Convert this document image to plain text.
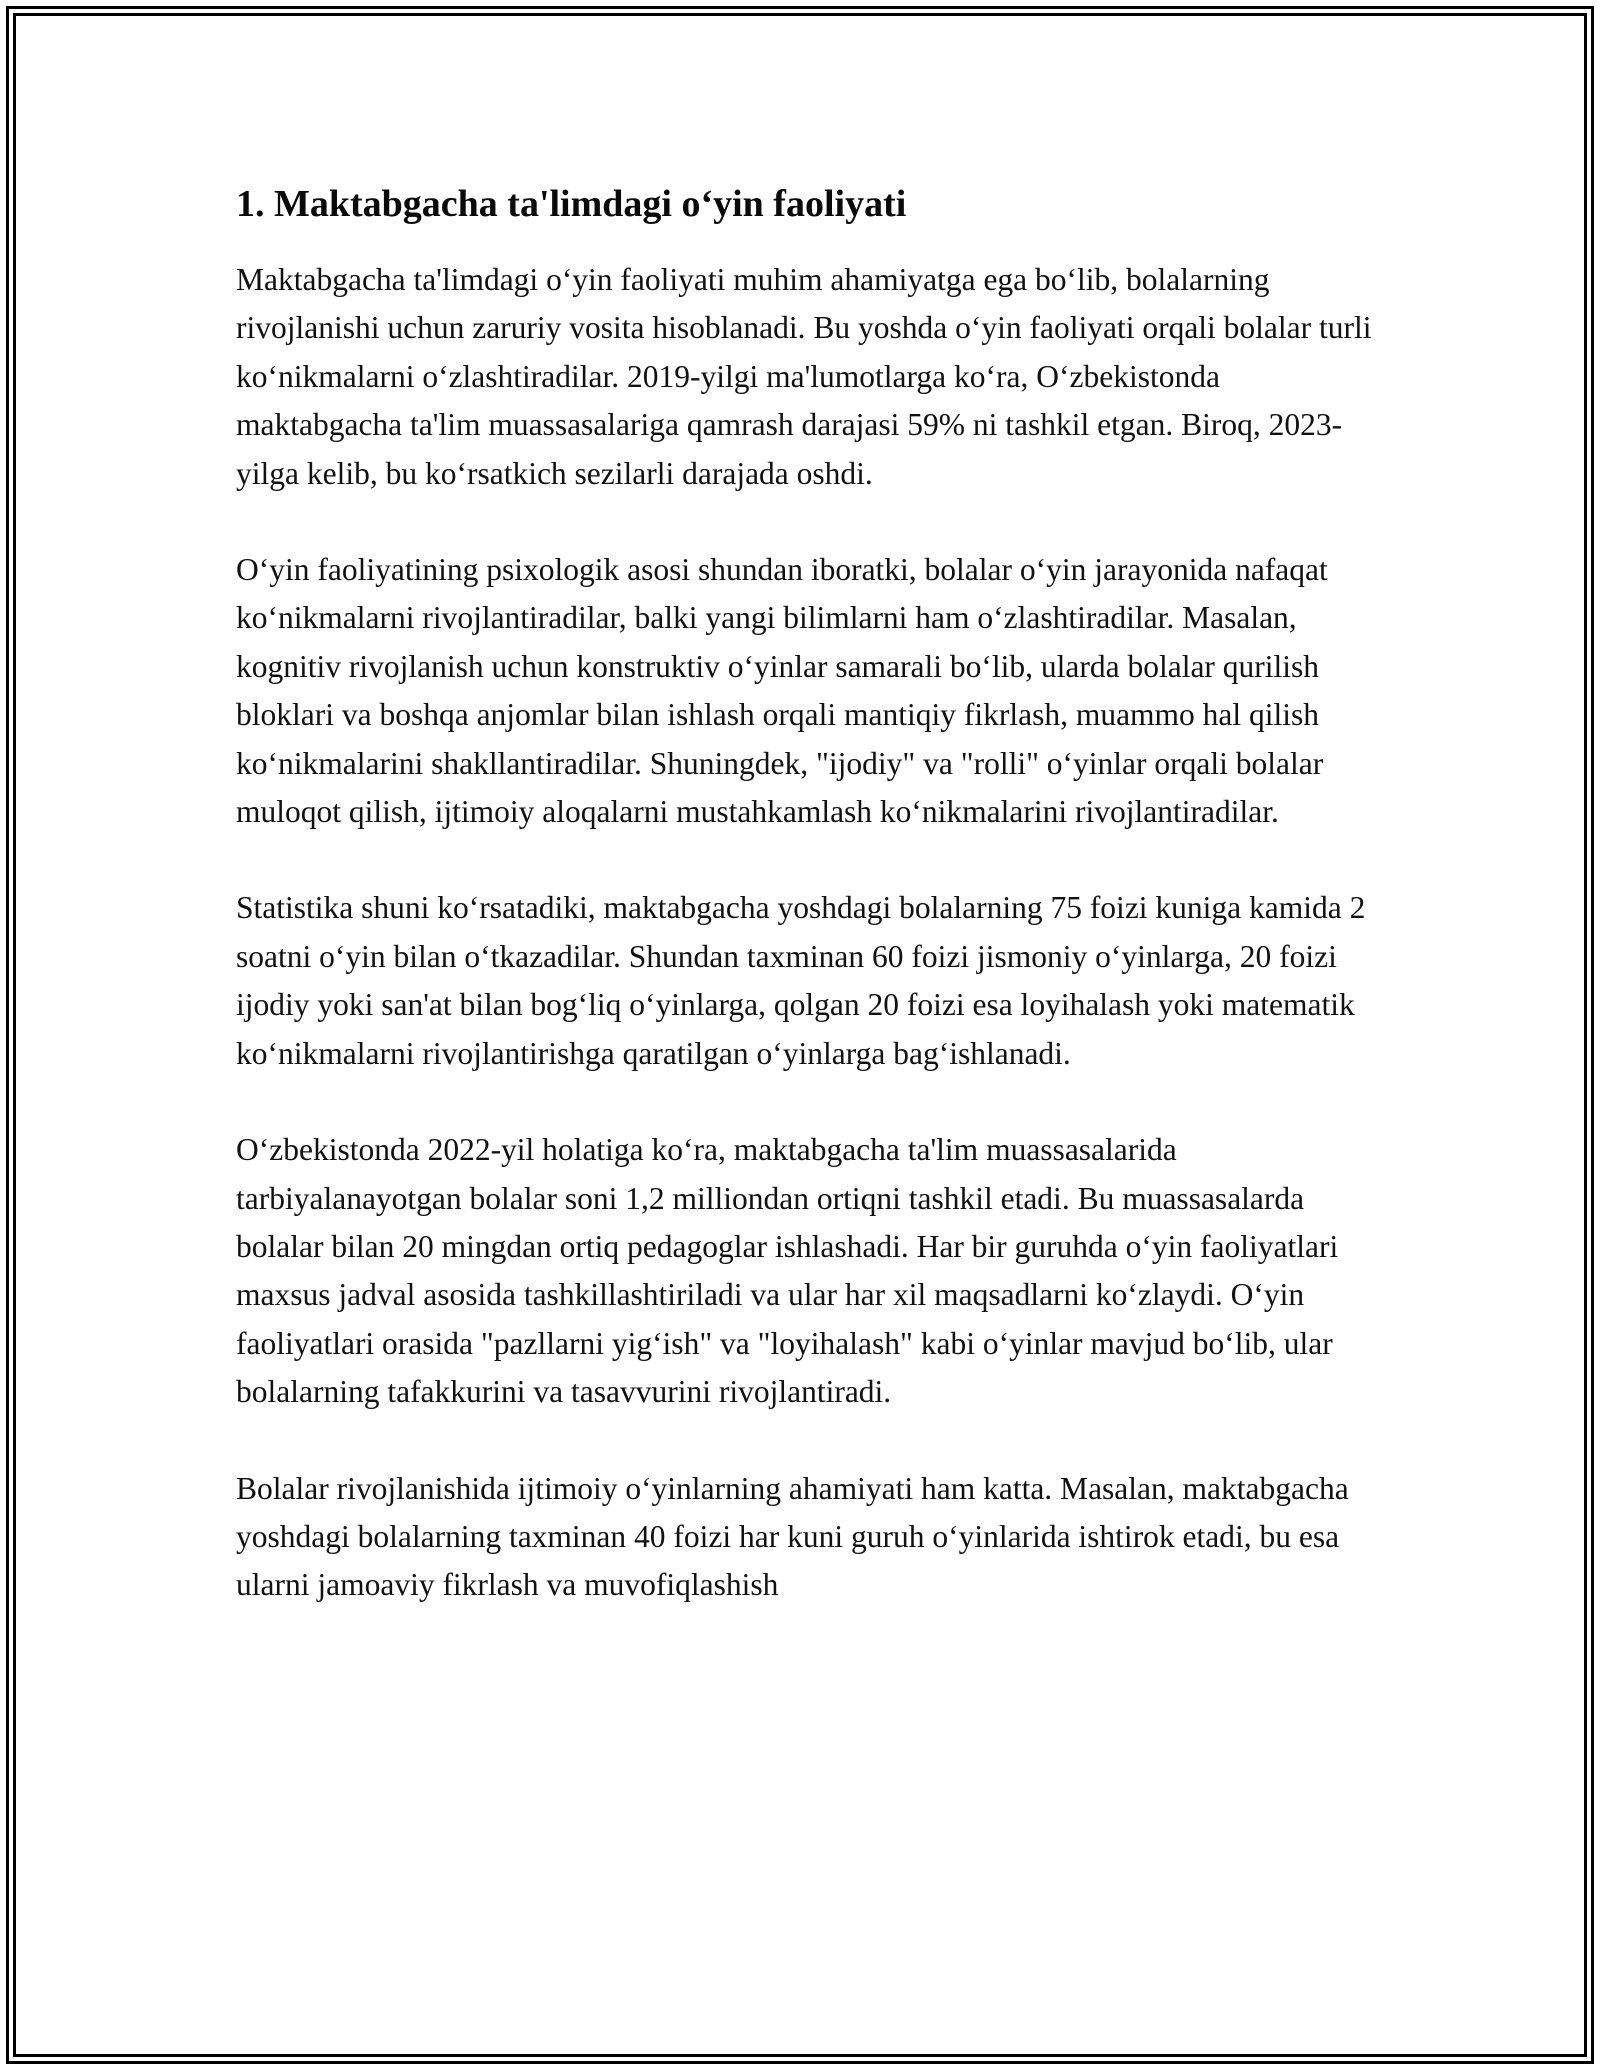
1. Maktabgacha ta'limdagi o‘yin faoliyati

Maktabgacha ta'limdagi o‘yin faoliyati muhim ahamiyatga ega bo‘lib, bolalarning rivojlanishi uchun zaruriy vosita hisoblanadi. Bu yoshda o‘yin faoliyati orqali bolalar turli ko‘nikmalarni o‘zlashtiradilar. 2019-yilgi ma'lumotlarga ko‘ra, O‘zbekistonda maktabgacha ta'lim muassasalariga qamrash darajasi 59% ni tashkil etgan. Biroq, 2023-yilga kelib, bu ko‘rsatkich sezilarli darajada oshdi.

O‘yin faoliyatining psixologik asosi shundan iboratki, bolalar o‘yin jarayonida nafaqat ko‘nikmalarni rivojlantiradilar, balki yangi bilimlarni ham o‘zlashtiradilar. Masalan, kognitiv rivojlanish uchun konstruktiv o‘yinlar samarali bo‘lib, ularda bolalar qurilish bloklari va boshqa anjomlar bilan ishlash orqali mantiqiy fikrlash, muammo hal qilish ko‘nikmalarini shakllantiradilar. Shuningdek, "ijodiy" va "rolli" o‘yinlar orqali bolalar muloqot qilish, ijtimoiy aloqalarni mustahkamlash ko‘nikmalarini rivojlantiradilar.

Statistika shuni ko‘rsatadiki, maktabgacha yoshdagi bolalarning 75 foizi kuniga kamida 2 soatni o‘yin bilan o‘tkazadilar. Shundan taxminan 60 foizi jismoniy o‘yinlarga, 20 foizi ijodiy yoki san'at bilan bog‘liq o‘yinlarga, qolgan 20 foizi esa loyihalash yoki matematik ko‘nikmalarni rivojlantirishga qaratilgan o‘yinlarga bag‘ishlanadi.

O‘zbekistonda 2022-yil holatiga ko‘ra, maktabgacha ta'lim muassasalarida tarbiyalanayotgan bolalar soni 1,2 milliondan ortiqni tashkil etadi. Bu muassasalarda bolalar bilan 20 mingdan ortiq pedagoglar ishlashadi. Har bir guruhda o‘yin faoliyatlari maxsus jadval asosida tashkillashtiriladi va ular har xil maqsadlarni ko‘zlaydi. O‘yin faoliyatlari orasida "pazllarni yig‘ish" va "loyihalash" kabi o‘yinlar mavjud bo‘lib, ular bolalarning tafakkurini va tasavvurini rivojlantiradi.

Bolalar rivojlanishida ijtimoiy o‘yinlarning ahamiyati ham katta. Masalan, maktabgacha yoshdagi bolalarning taxminan 40 foizi har kuni guruh o‘yinlarida ishtirok etadi, bu esa ularni jamoaviy fikrlash va muvofiqlashish
